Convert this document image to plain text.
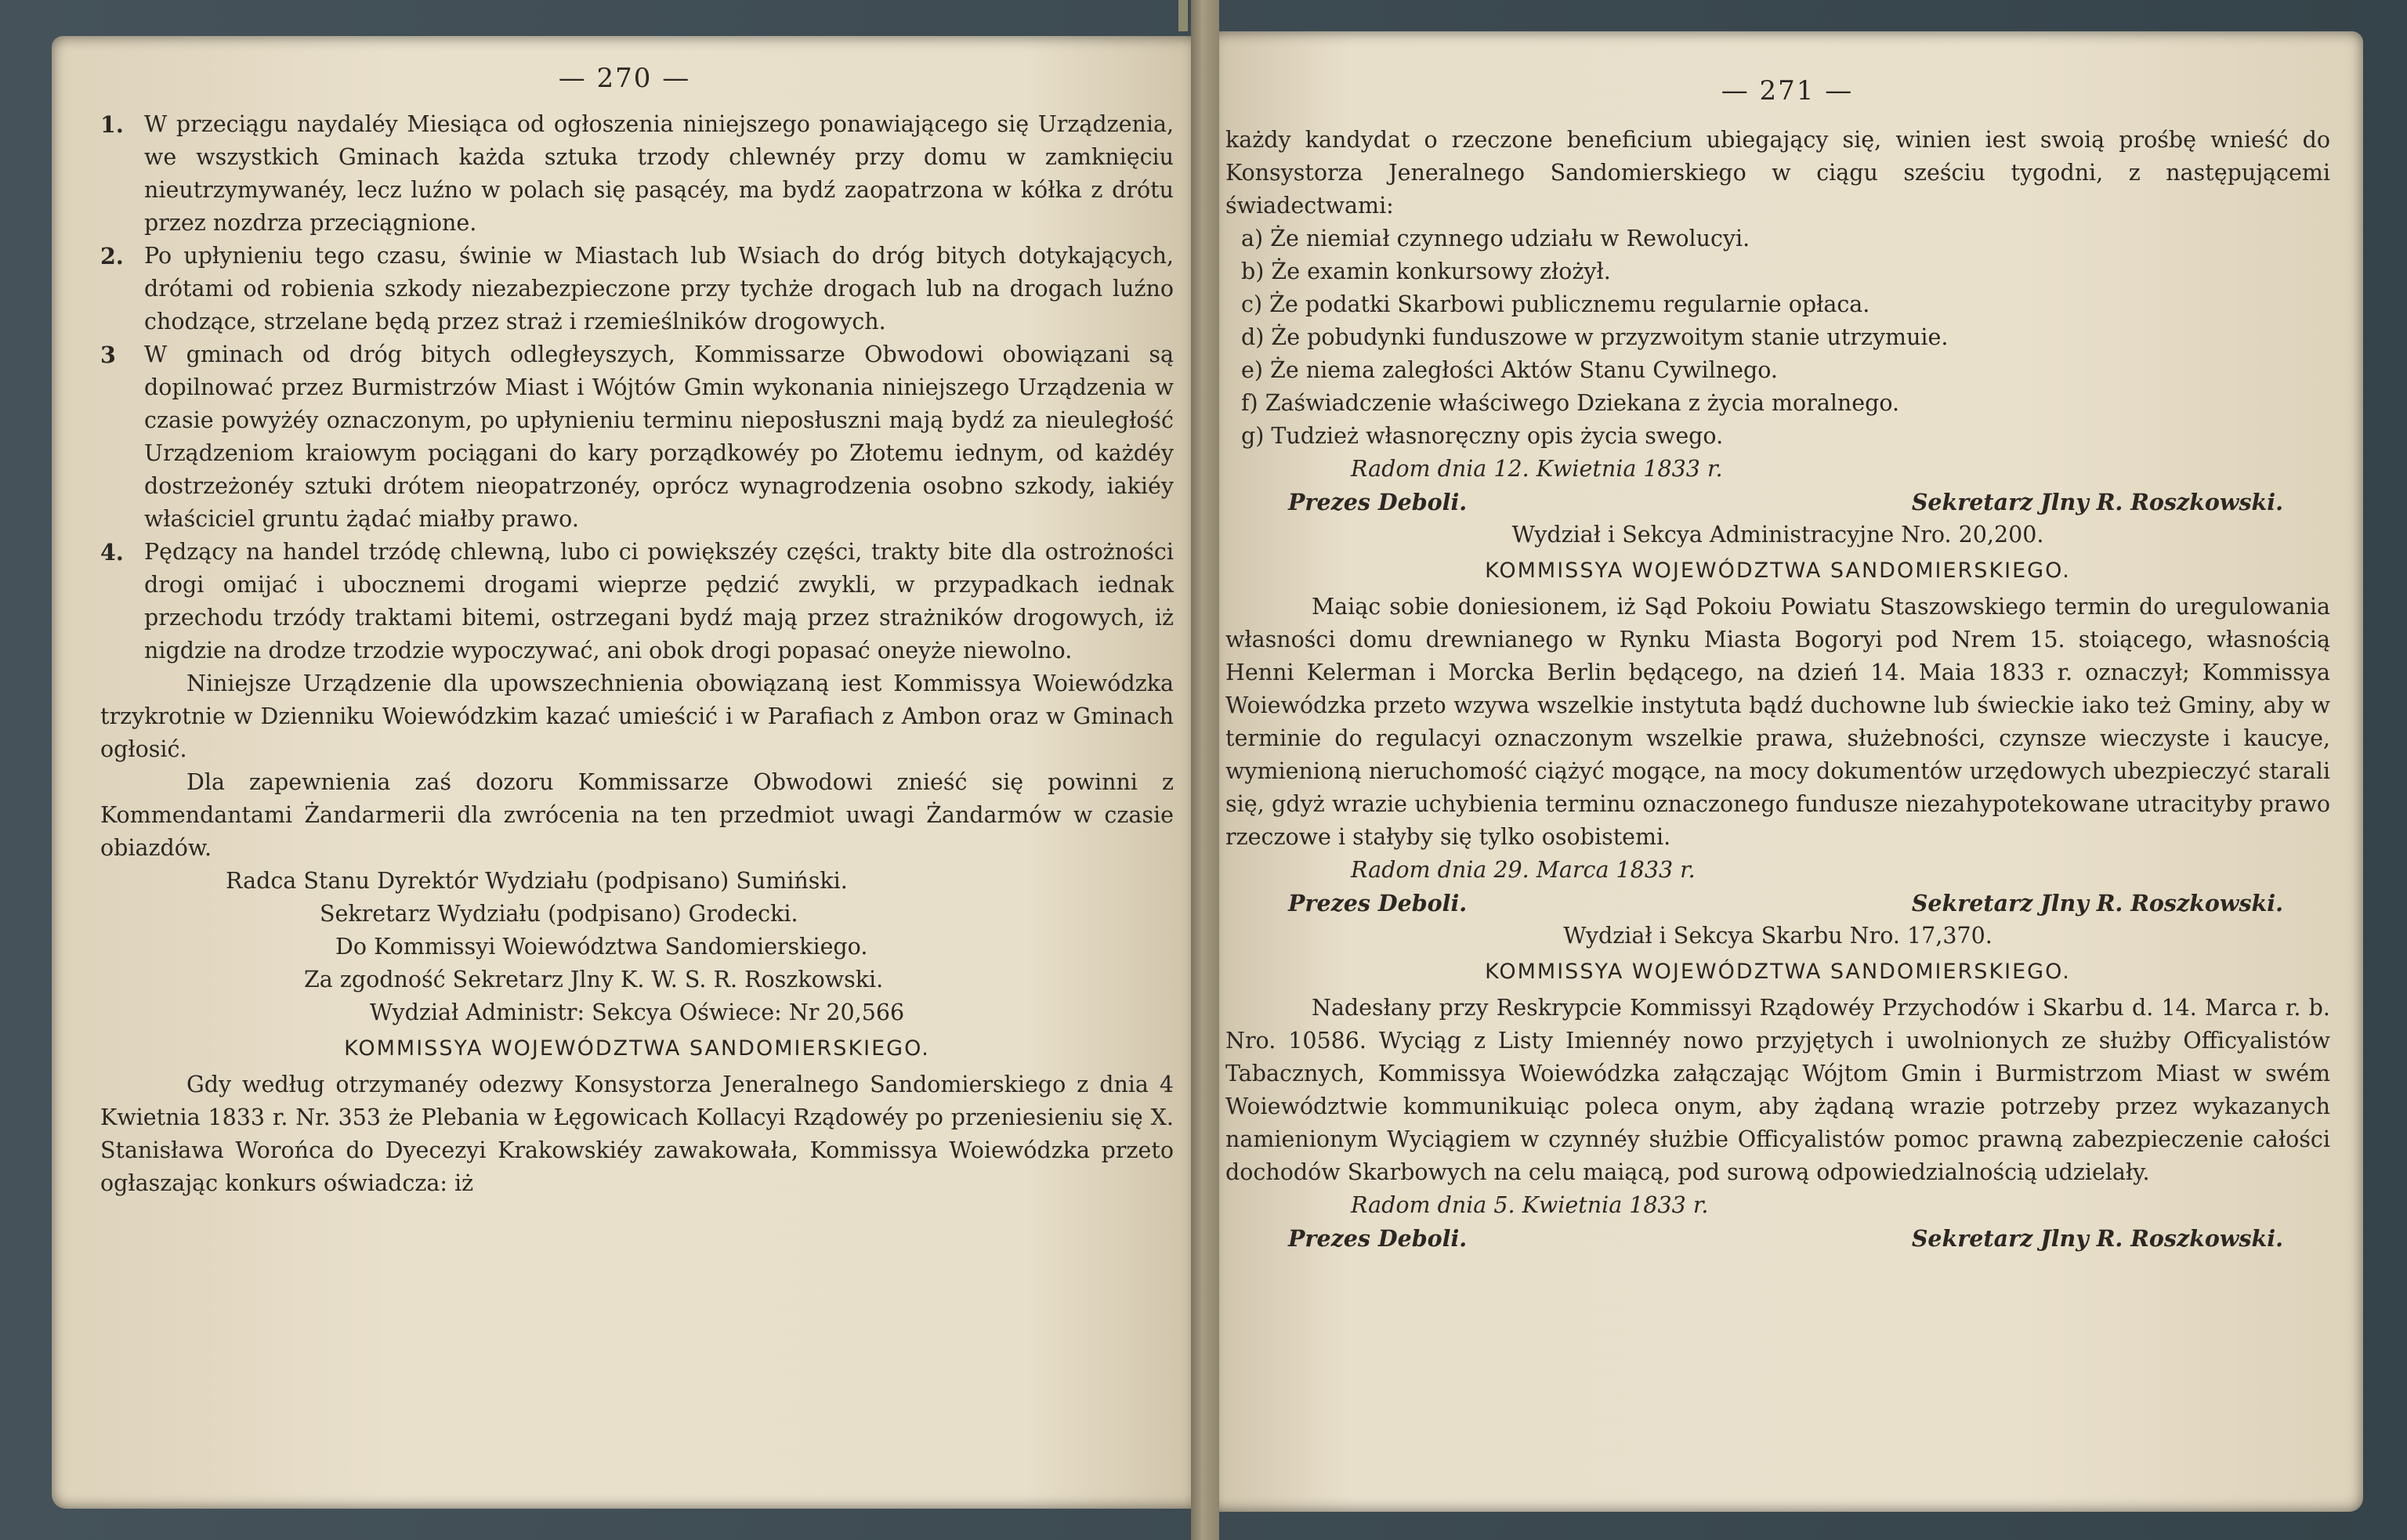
— 270 —
1. W przeciągu naydaléy Miesiąca od ogłoszenia niniejszego ponawiającego się Urządzenia, we wszystkich Gminach każda sztuka trzody chlewnéy przy domu w zamknięciu nieutrzymywanéy, lecz luźno w polach się pasącéy, ma bydź zaopatrzona w kółka z drótu przez nozdrza przeciągnione.

2. Po upłynieniu tego czasu, świnie w Miastach lub Wsiach do dróg bitych dotykających, drótami od robienia szkody niezabezpieczone przy tychże drogach lub na drogach luźno chodzące, strzelane będą przez straż i rzemieślników drogowych.

3	W gminach od dróg bitych odległeyszych, Kommissarze Obwodowi obowiązani są dopilnować przez Burmistrzów Miast i Wójtów Gmin wykonania niniejszego Urządzenia w czasie powyżéy oznaczonym, po upłynieniu terminu nieposłuszni mają bydź za nieuległość Urządzeniom kraiowym pociągani do kary porządkowéy po Złotemu iednym, od każdéy dostrzeżonéy sztuki drótem nieopatrzonéy, oprócz wynagrodzenia osobno szkody, iakiéy właściciel gruntu żądać miałby prawo.

4. Pędzący na handel trzódę chlewną, lubo ci powiększéy części, trakty bite dla ostrożności drogi omijać i ubocznemi drogami wieprze pędzić zwykli, w przypadkach iednak przechodu trzódy traktami bitemi, ostrzegani bydź mają przez strażników drogowych, iż nigdzie na drodze trzodzie wypoczywać, ani obok drogi popasać oneyże niewolno.

Niniejsze Urządzenie dla upowszechnienia obowiązaną iest Kommissya Woiewódzka trzykrotnie w Dzienniku Woiewódzkim kazać umieścić i w Parafiach z Ambon oraz w Gminach ogłosić.

Dla zapewnienia zaś dozoru Kommissarze Obwodowi znieść się powinni z Kommendantami Żandarmerii dla zwrócenia na ten przedmiot uwagi Żandarmów w czasie obiazdów.

Radca Stanu Dyrektór Wydziału (podpisano) Sumiński.

Sekretarz Wydziału (podpisano) Grodecki.

Do Kommissyi Woiewództwa Sandomierskiego.

Za zgodność Sekretarz Jlny K. W. S. R. Roszkowski.

Wydział Administr: Sekcya Oświece: Nr 20,566

KOMMISSYA WOJEWÓDZTWA SANDOMIERSKIEGO.

Gdy według otrzymanéy odezwy Konsystorza Jeneralnego Sandomierskiego z dnia 4 Kwietnia 1833 r. Nr. 353 że Plebania w Łęgowicach Kollacyi Rządowéy po przeniesieniu się X. Stanisława Worońca do Dyecezyi Krakowskiéy zawakowała, Kommissya Woiewódzka przeto ogłaszając konkurs oświadcza: iż

— 271 —

każdy kandydat o rzeczone beneficium ubiegający się, winien iest swoią prośbę wnieść do Konsystorza Jeneralnego Sandomierskiego w ciągu sześciu tygodni, z następującemi świadectwami:

a) Że niemiał czynnego udziału w Rewolucyi.

b) Że examin konkursowy złożył.

c) Że podatki Skarbowi publicznemu regularnie opłaca.

d) Że pobudynki funduszowe w przyzwoitym stanie utrzymuie.

e) Że niema zaległości Aktów Stanu Cywilnego.

f) Zaświadczenie właściwego Dziekana z życia moralnego.

g) Tudzież własnoręczny opis życia swego.

Radom dnia 12. Kwietnia 1833 r.

Prezes Deboli.	Sekretarz Jlny R. Roszkowski.

Wydział i Sekcya Administracyjne Nro. 20,200.

KOMMISSYA WOJEWÓDZTWA SANDOMIERSKIEGO.

Maiąc sobie doniesionem, iż Sąd Pokoiu Powiatu Staszowskiego termin do uregulowania własności domu drewnianego w Rynku Miasta Bogoryi pod Nrem 15. stoiącego, własnością Henni Kelerman i Morcka Berlin będącego, na dzień 14. Maia 1833 r. oznaczył; Kommissya Woiewódzka przeto wzywa wszelkie instytuta bądź duchowne lub świeckie iako też Gminy, aby w terminie do regulacyi oznaczonym wszelkie prawa, służebności, czynsze wieczyste i kaucye, wymienioną nieruchomość ciążyć mogące, na mocy dokumentów urzędowych ubezpieczyć starali się, gdyż wrazie uchybienia terminu oznaczonego fundusze niezahypotekowane utracityby prawo rzeczowe i stałyby się tylko osobistemi.

Radom dnia 29. Marca 1833 r.

Prezes Deboli.	Sekretarz Jlny R. Roszkowski.

Wydział i Sekcya Skarbu Nro. 17,370.

KOMMISSYA WOJEWÓDZTWA SANDOMIERSKIEGO.

Nadesłany przy Reskrypcie Kommissyi Rządowéy Przychodów i Skarbu d. 14. Marca r. b. Nro. 10586. Wyciąg z Listy Imiennéy nowo przyjętych i uwolnionych ze służby Officyalistów Tabacznych, Kommissya Woiewódzka załączając Wójtom Gmin i Burmistrzom Miast w swém Woiewództwie kommunikuiąc poleca onym, aby żądaną wrazie potrzeby przez wykazanych namienionym Wyciągiem w czynnéy służbie Officyalistów pomoc prawną zabezpieczenie całości dochodów Skarbowych na celu maiącą, pod surową odpowiedzialnością udzielały.

Radom dnia 5. Kwietnia 1833 r.

Prezes Deboli.	Sekretarz Jlny R. Roszkowski.
